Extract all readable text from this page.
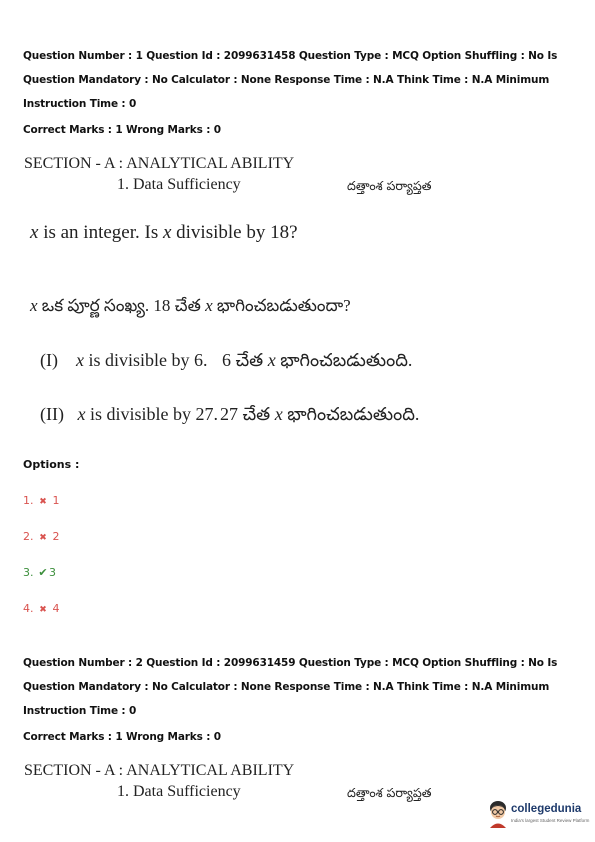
Question Number : 1 Question Id : 2099631458 Question Type : MCQ Option Shuffling : No Is
Question Mandatory : No Calculator : None Response Time : N.A Think Time : N.A Minimum
Instruction Time : 0
Correct Marks : 1 Wrong Marks : 0
SECTION - A : ANALYTICAL ABILITY
1. Data Sufficiency	దత్తాంశ పర్యాప్తత
x is an integer. Is x divisible by 18?
x ఒక పూర్ణ సంఖ్య. 18 చేత x భాగించబడుతుందా?
(I) x is divisible by 6. 6 చేత x భాగించబడుతుంది.
(II) x is divisible by 27. 27 చేత x భాగించబడుతుంది.
Options :
1. ✖ 1
2. ✖ 2
3. ✔3
4. ✖ 4
Question Number : 2 Question Id : 2099631459 Question Type : MCQ Option Shuffling : No Is
Question Mandatory : No Calculator : None Response Time : N.A Think Time : N.A Minimum
Instruction Time : 0
Correct Marks : 1 Wrong Marks : 0
SECTION - A : ANALYTICAL ABILITY
1. Data Sufficiency	దత్తాంశ పర్యాప్తత
collegedunia
India's largest Student Review Platform
